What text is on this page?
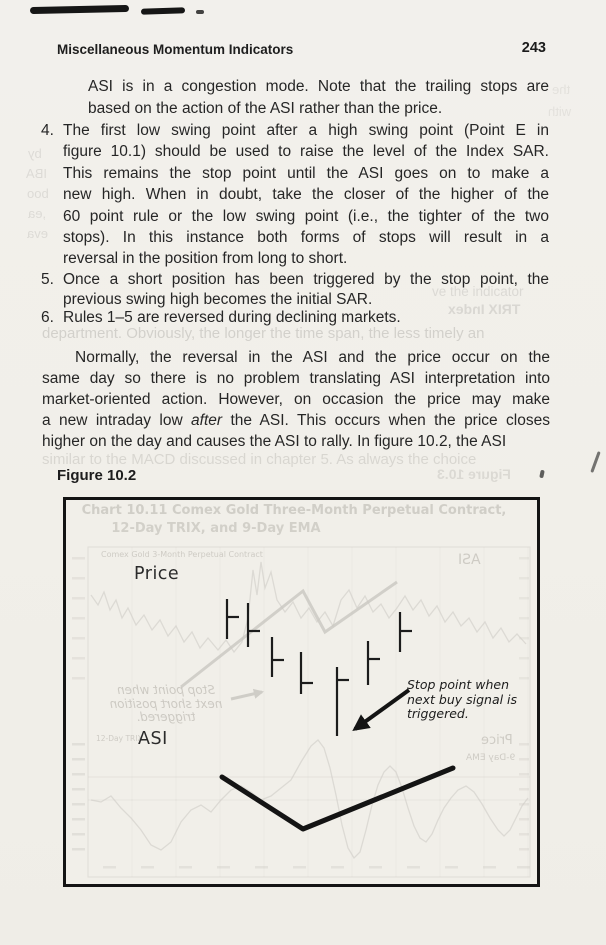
Miscellaneous Momentum Indicators	243
by
IBA
boo
,ea
eva
the
with
ve the indicator
TRIX Index
ASI is in a congestion mode. Note that the trailing stops are
based on the action of the ASI rather than the price.
4. The first low swing point after a high swing point (Point E in
figure 10.1) should be used to raise the level of the Index SAR.
This remains the stop point until the ASI goes on to make a
new high. When in doubt, take the closer of the higher of the
60 point rule or the low swing point (i.e., the tighter of the two
stops). In this instance both forms of stops will result in a
reversal in the position from long to short.
5. Once a short position has been triggered by the stop point, the
previous swing high becomes the initial SAR.
6. Rules 1–5 are reversed during declining markets.
department. Obviously, the longer the time span, the less timely an
Normally, the reversal in the ASI and the price occur on the
same day so there is no problem translating ASI interpretation into
market-oriented action. However, on occasion the price may make
a new intraday low after the ASI. This occurs when the price closes
higher on the day and causes the ASI to rally. In figure 10.2, the ASI
similar to the MACD discussed in chapter 5. As always the choice
Figure 10.3
Figure 10.2
Chart 10.11 Comex Gold Three-Month Perpetual Contract,
12-Day TRIX, and 9-Day EMA
Comex Gold 3-Month Perpetual Contract	ASI
Price
9-Day EMA
12-Day TRIX
Stop point when
next short position
triggered.
Price
ASI
Stop point when
next buy signal is
triggered.
